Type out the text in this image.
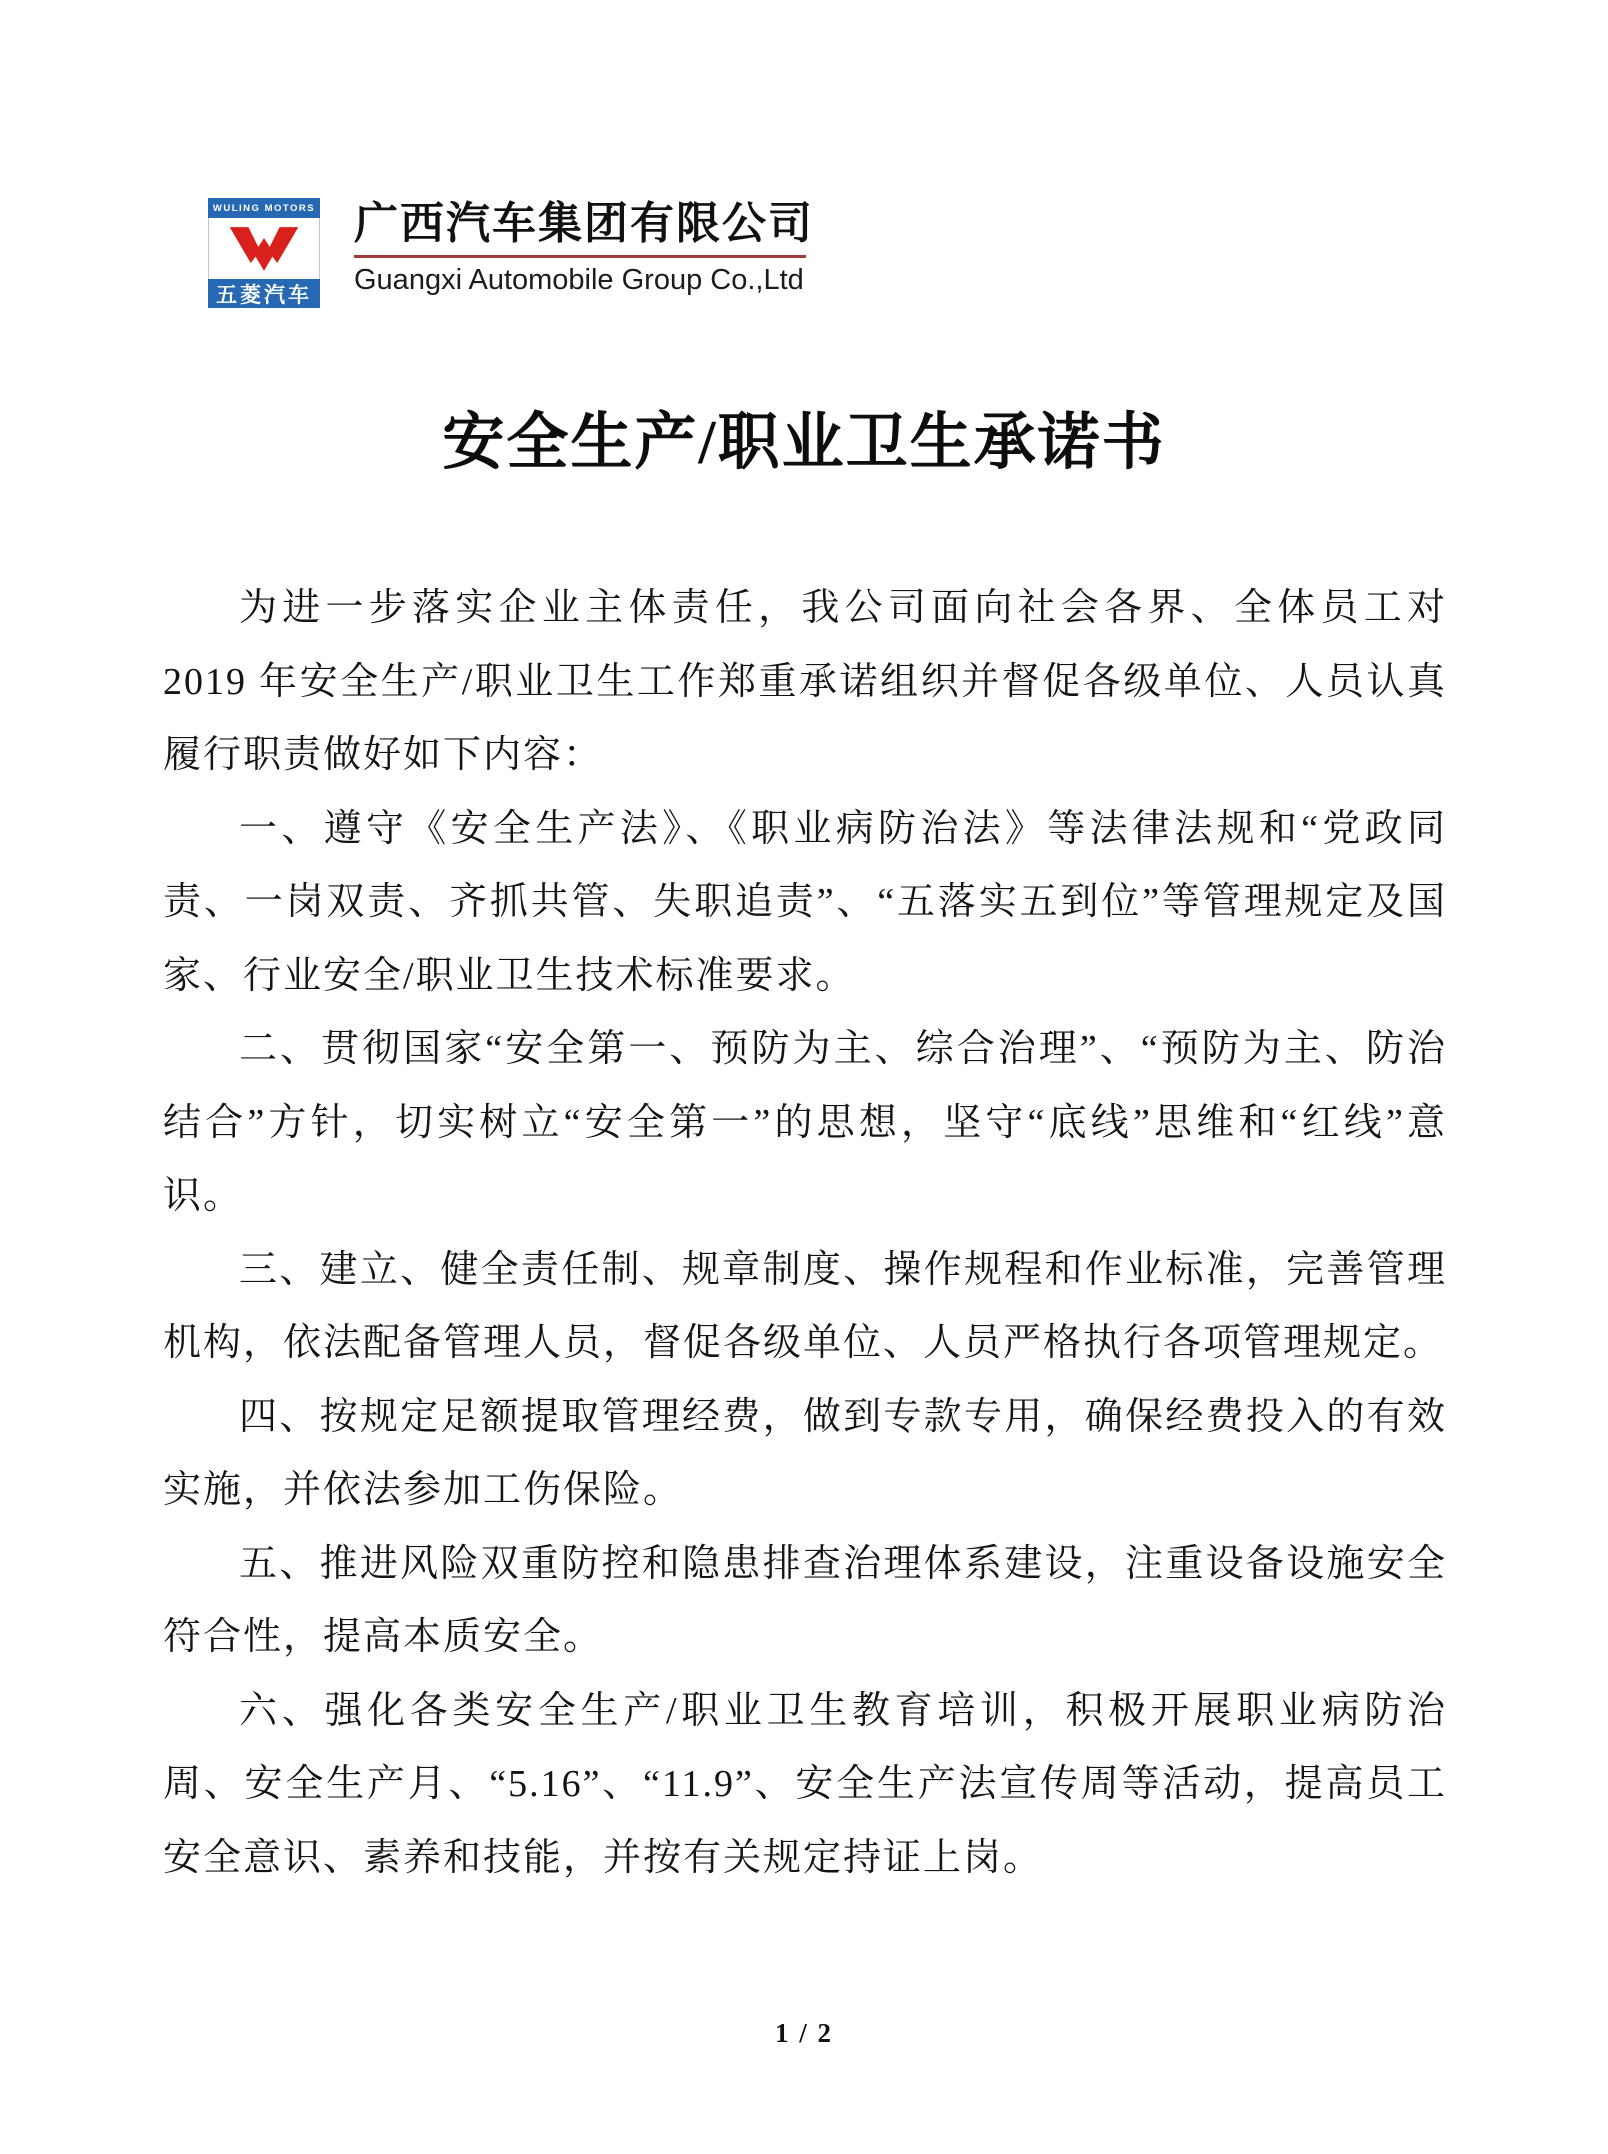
WULING MOTORS
五菱汽车
广西汽车集团有限公司
Guangxi Automobile Group Co.,Ltd
安全生产/职业卫生承诺书

为进一步落实企业主体责任，我公司面向社会各界、全体员工对 2019 年安全生产/职业卫生工作郑重承诺组织并督促各级单位、人员认真履行职责做好如下内容：

一、遵守《安全生产法》、《职业病防治法》等法律法规和“党政同责、一岗双责、齐抓共管、失职追责”、“五落实五到位”等管理规定及国家、行业安全/职业卫生技术标准要求。

二、贯彻国家“安全第一、预防为主、综合治理”、“预防为主、防治结合”方针，切实树立“安全第一”的思想，坚守“底线”思维和“红线”意识。

三、建立、健全责任制、规章制度、操作规程和作业标准，完善管理机构，依法配备管理人员，督促各级单位、人员严格执行各项管理规定。

四、按规定足额提取管理经费，做到专款专用，确保经费投入的有效实施，并依法参加工伤保险。

五、推进风险双重防控和隐患排查治理体系建设，注重设备设施安全符合性，提高本质安全。

六、强化各类安全生产/职业卫生教育培训，积极开展职业病防治周、安全生产月、“5.16”、“11.9”、安全生产法宣传周等活动，提高员工安全意识、素养和技能，并按有关规定持证上岗。

1 / 2
